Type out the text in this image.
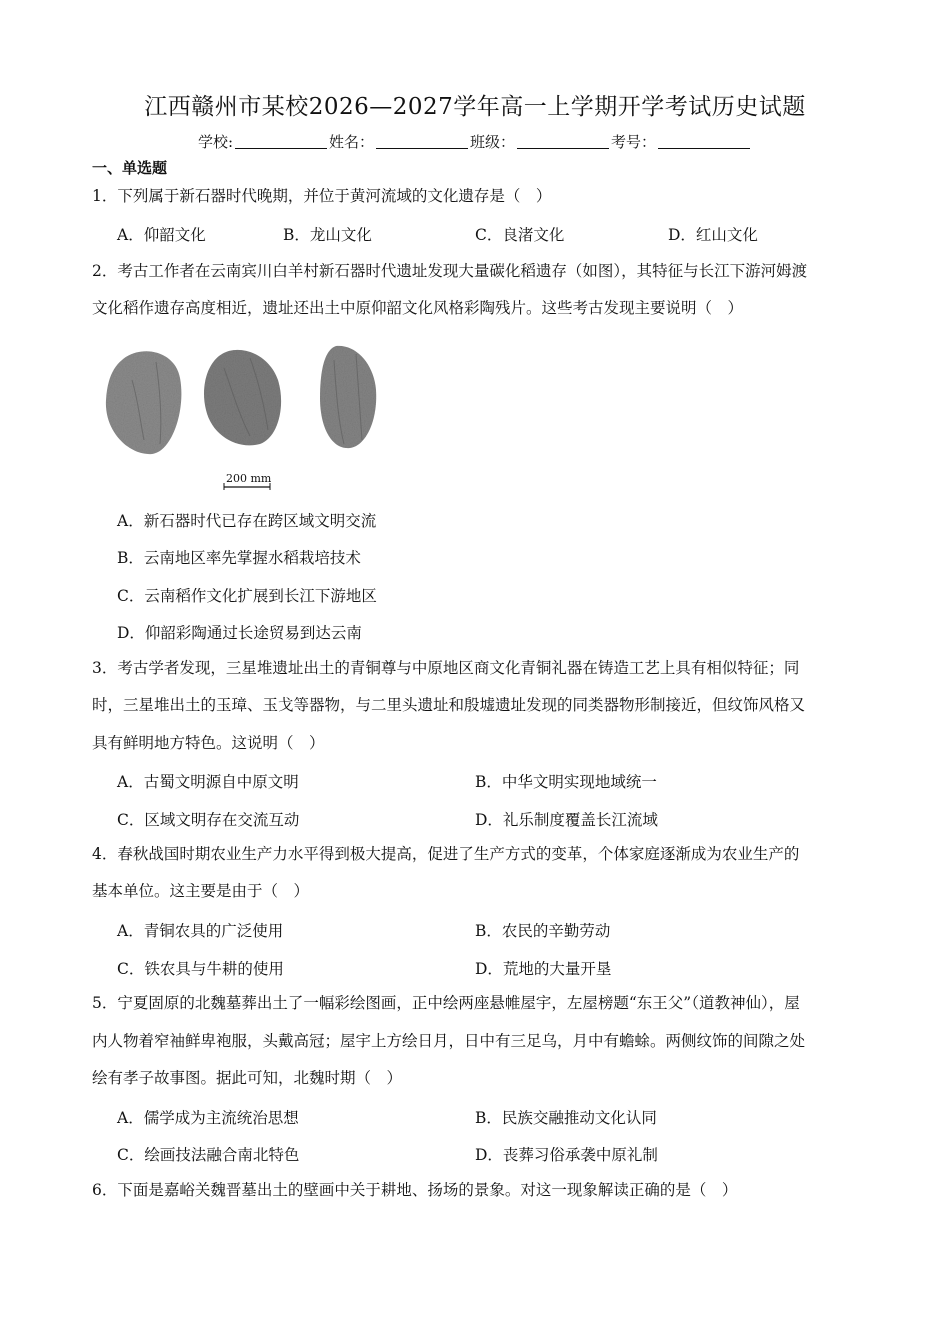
江西赣州市某校2026—2027学年高一上学期开学考试历史试题
学校:	姓名：	班级：	考号：
一、单选题
1．下列属于新石器时代晚期，并位于黄河流域的文化遗存是（　）
A．仰韶文化	B．龙山文化	C．良渚文化	D．红山文化
2．考古工作者在云南宾川白羊村新石器时代遗址发现大量碳化稻遗存（如图），其特征与长江下游河姆渡
文化稻作遗存高度相近，遗址还出土中原仰韶文化风格彩陶残片。这些考古发现主要说明（　）
200 mm
A．新石器时代已存在跨区域文明交流
B．云南地区率先掌握水稻栽培技术
C．云南稻作文化扩展到长江下游地区
D．仰韶彩陶通过长途贸易到达云南
3．考古学者发现，三星堆遗址出土的青铜尊与中原地区商文化青铜礼器在铸造工艺上具有相似特征；同
时，三星堆出土的玉璋、玉戈等器物，与二里头遗址和殷墟遗址发现的同类器物形制接近，但纹饰风格又
具有鲜明地方特色。这说明（　）
A．古蜀文明源自中原文明	B．中华文明实现地域统一
C．区域文明存在交流互动	D．礼乐制度覆盖长江流域
4．春秋战国时期农业生产力水平得到极大提高，促进了生产方式的变革，个体家庭逐渐成为农业生产的
基本单位。这主要是由于（　）
A．青铜农具的广泛使用	B．农民的辛勤劳动
C．铁农具与牛耕的使用	D．荒地的大量开垦
5．宁夏固原的北魏墓葬出土了一幅彩绘图画，正中绘两座悬帷屋宇，左屋榜题“东王父”（道教神仙），屋
内人物着窄袖鲜卑袍服，头戴高冠；屋宇上方绘日月，日中有三足乌，月中有蟾蜍。两侧纹饰的间隙之处
绘有孝子故事图。据此可知，北魏时期（　）
A．儒学成为主流统治思想	B．民族交融推动文化认同
C．绘画技法融合南北特色	D．丧葬习俗承袭中原礼制
6．下面是嘉峪关魏晋墓出土的壁画中关于耕地、扬场的景象。对这一现象解读正确的是（　）
